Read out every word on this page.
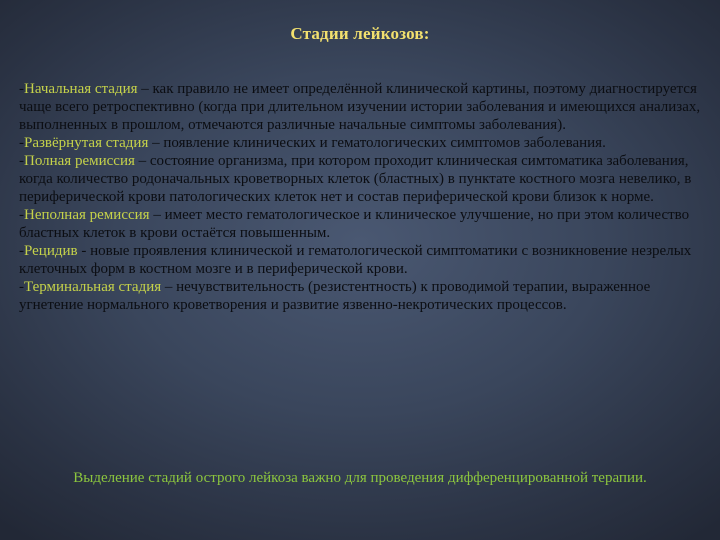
Стадии лейкозов:

-Начальная стадия – как правило не имеет определённой клинической картины, поэтому диагностируется чаще всего ретроспективно (когда при длительном изучении истории заболевания и имеющихся анализах, выполненных в прошлом, отмечаются различные начальные симптомы заболевания).

-Развёрнутая стадия – появление клинических и гематологических симптомов заболевания.

-Полная ремиссия – состояние организма, при котором проходит клиническая симтоматика заболевания, когда количество родоначальных кроветворных клеток (бластных) в пунктате костного мозга невелико, в периферической крови патологических клеток нет и состав периферической крови близок к норме.

-Неполная ремиссия – имеет место гематологическое и клиническое улучшение, но при этом количество бластных клеток в крови остаётся повышенным.

-Рецидив - новые проявления клинической и гематологической симптоматики с возникновение незрелых клеточных форм в костном мозге и в периферической крови.

-Терминальная стадия – нечувствительность (резистентность) к проводимой терапии, выраженное угнетение нормального кроветворения и развитие язвенно-некротических процессов.

Выделение стадий острого лейкоза важно для проведения дифференцированной терапии.
